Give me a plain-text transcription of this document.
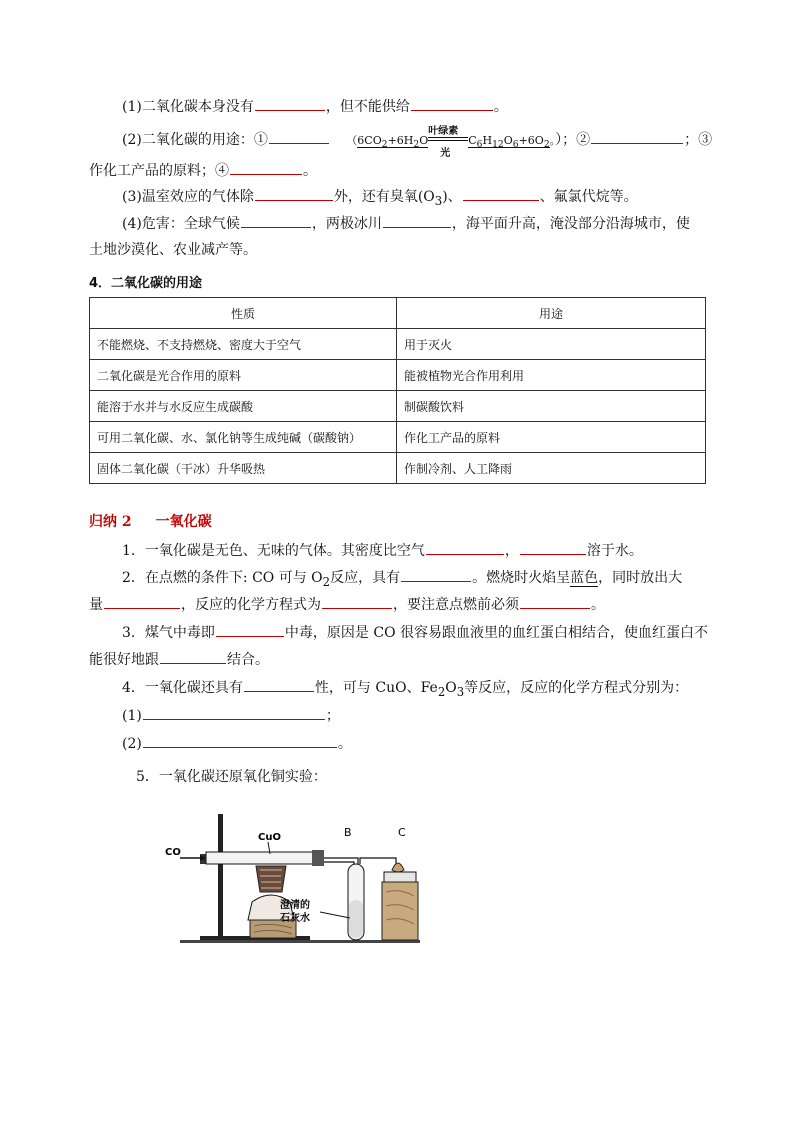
(1)二氧化碳本身没有	，但不能供给	。
(2)二氧化碳的用途：①	（$6CO_2+6H_2O$
叶绿素
光
$C_6H_{12}O_6+6O_2$。）；②	；③
作化工产品的原料；④	。
(3)温室效应的气体除	外，还有臭氧$(O_3)$、	、氟氯代烷等。
(4)危害：全球气候	，两极冰川	，海平面升高，淹没部分沿海城市，使
土地沙漠化、农业减产等。
4．二氧化碳的用途
性质	用途
不能燃烧、不支持燃烧、密度大于空气	用于灭火
二氧化碳是光合作用的原料	能被植物光合作用利用
能溶于水并与水反应生成碳酸	制碳酸饮料
可用二氧化碳、水、氯化钠等生成纯碱（碳酸钠）	作化工产品的原料
固体二氧化碳（干冰）升华吸热	作制冷剂、人工降雨
归纳 2 一氧化碳
1．一氧化碳是无色、无味的气体。其密度比空气	，	溶于水。
2．在点燃的条件下: CO 可与 $O_2$反应，具有	。燃烧时火焰呈蓝色，同时放出大
量	，反应的化学方程式为	，要注意点燃前必须	。
3．煤气中毒即	中毒，原因是 CO 很容易跟血液里的血红蛋白相结合，使血红蛋白不
能很好地跟	结合。
4．一氧化碳还具有	性，可与 CuO、$Fe_2O_3$等反应，反应的化学方程式分别为：
(1)	；
(2)	。
5．一氧化碳还原氧化铜实验：
CO
CuO	B
澄清的
石灰水
C
